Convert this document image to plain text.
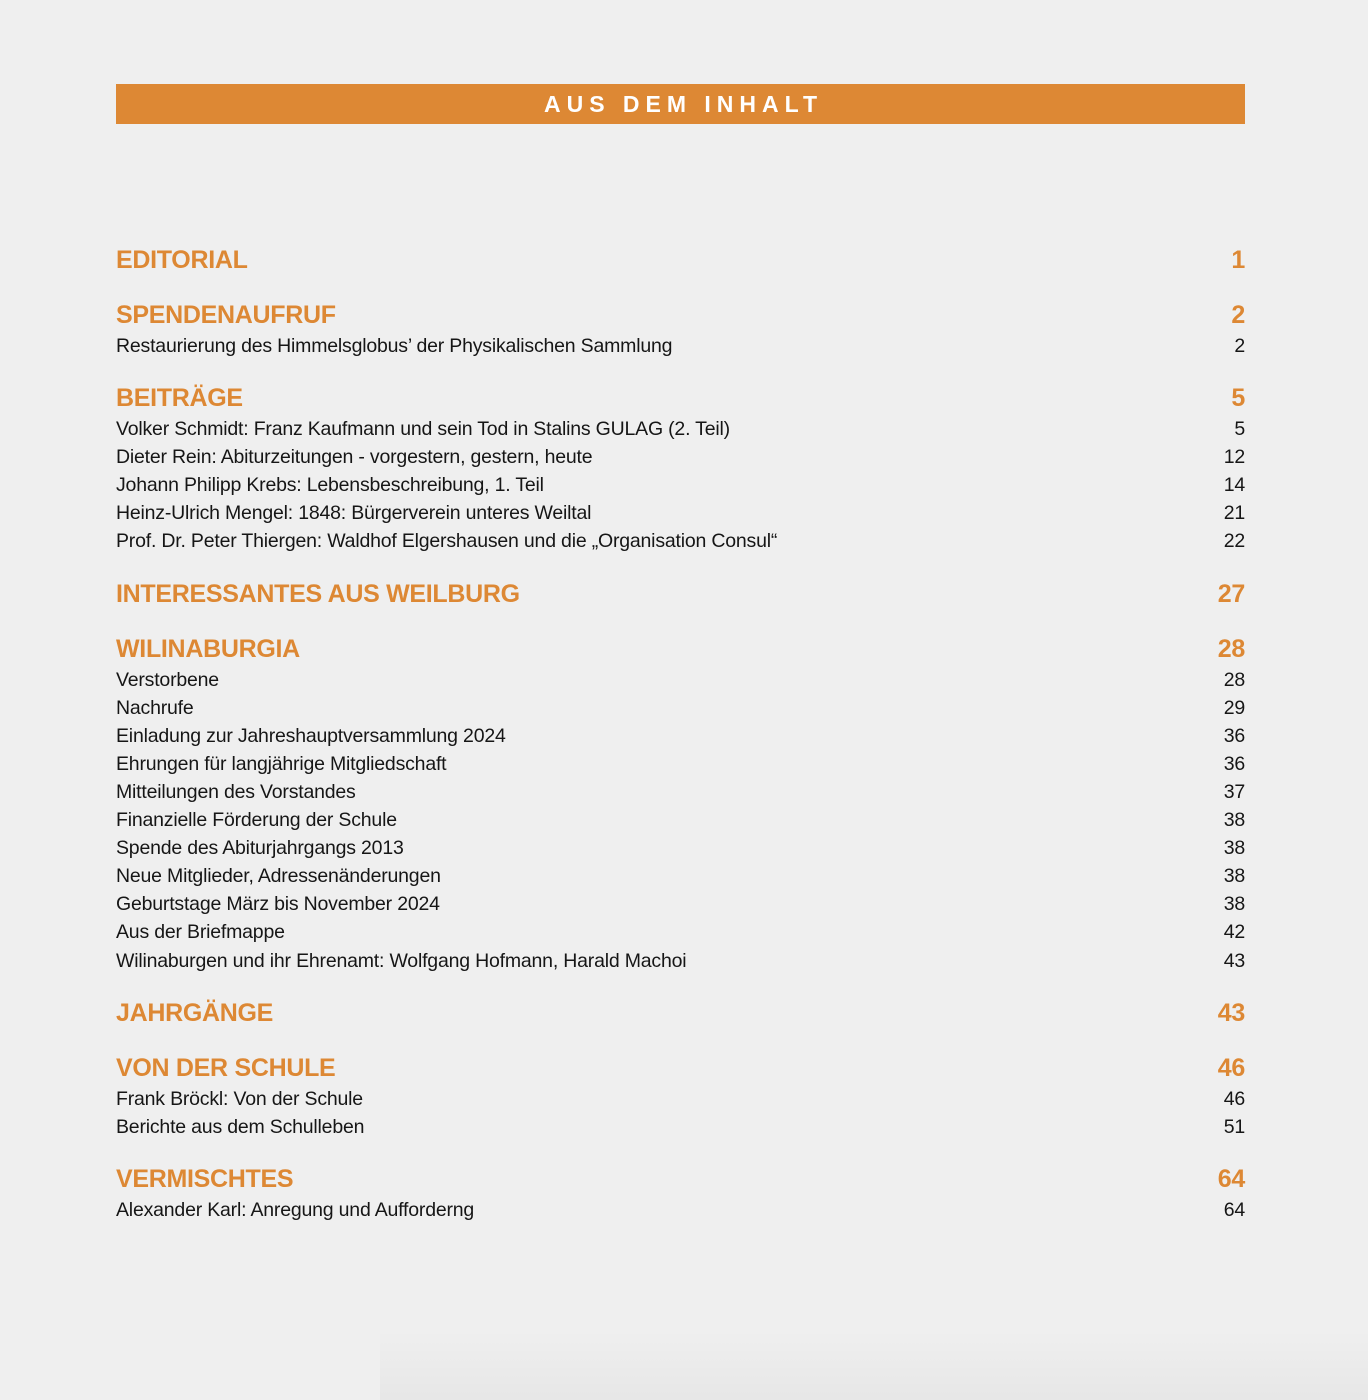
AUS DEM INHALT
EDITORIAL	1
SPENDENAUFRUF	2
Restaurierung des Himmelsglobus’ der Physikalischen Sammlung	2
BEITRÄGE	5
Volker Schmidt: Franz Kaufmann und sein Tod in Stalins GULAG (2. Teil)	5
Dieter Rein: Abiturzeitungen - vorgestern, gestern, heute	12
Johann Philipp Krebs: Lebensbeschreibung, 1. Teil	14
Heinz-Ulrich Mengel: 1848: Bürgerverein unteres Weiltal	21
Prof. Dr. Peter Thiergen: Waldhof Elgershausen und die „Organisation Consul“	22
INTERESSANTES AUS WEILBURG	27
WILINABURGIA	28
Verstorbene	28
Nachrufe	29
Einladung zur Jahreshauptversammlung 2024	36
Ehrungen für langjährige Mitgliedschaft	36
Mitteilungen des Vorstandes	37
Finanzielle Förderung der Schule	38
Spende des Abiturjahrgangs 2013	38
Neue Mitglieder, Adressenänderungen	38
Geburtstage März bis November 2024	38
Aus der Briefmappe	42
Wilinaburgen und ihr Ehrenamt: Wolfgang Hofmann, Harald Machoi	43
JAHRGÄNGE	43
VON DER SCHULE	46
Frank Bröckl: Von der Schule	46
Berichte aus dem Schulleben	51
VERMISCHTES	64
Alexander Karl: Anregung und Aufforderng	64
